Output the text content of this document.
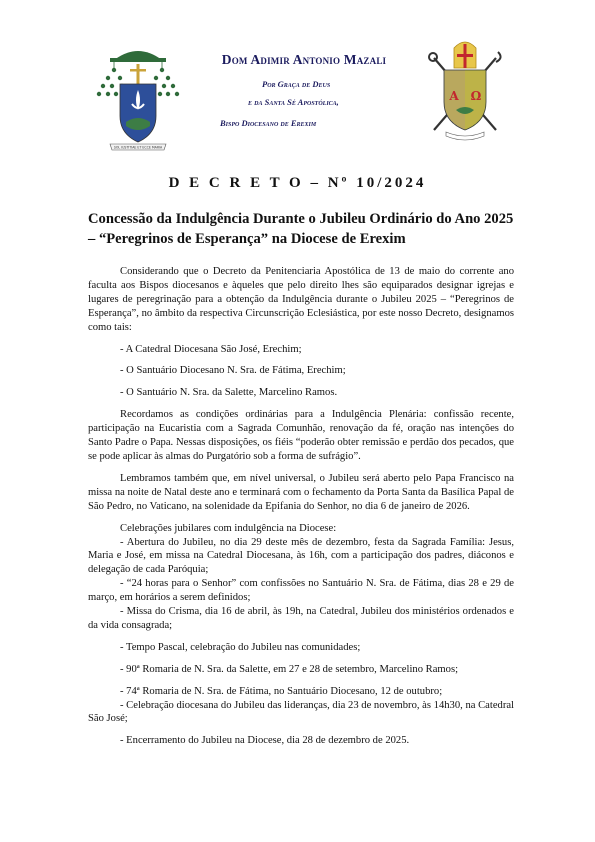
SOL IUSTITIAE ET ECCE MARIA
A Ω
Dom Adimir Antonio Mazali
Por Graça de Deus
e da Santa Sé Apostólica,
Bispo Diocesano de Erexim
D E C R E T O – Nº 10/2024
Concessão da Indulgência Durante o Jubileu Ordinário do Ano 2025 – “Peregrinos de Esperança” na Diocese de Erexim

Considerando que o Decreto da Penitenciaria Apostólica de 13 de maio do corrente ano faculta aos Bispos diocesanos e àqueles que pelo direito lhes são equiparados designar igrejas e lugares de peregrinação para a obtenção da Indulgência durante o Jubileu 2025 – “Peregrinos de Esperança”, no âmbito da respectiva Circunscrição Eclesiástica, por este nosso Decreto, designamos como tais:

- A Catedral Diocesana São José, Erechim;

- O Santuário Diocesano N. Sra. de Fátima, Erechim;

- O Santuário N. Sra. da Salette, Marcelino Ramos.

Recordamos as condições ordinárias para a Indulgência Plenária: confissão recente, participação na Eucaristia com a Sagrada Comunhão, renovação da fé, oração nas intenções do Santo Padre o Papa. Nessas disposições, os fiéis “poderão obter remissão e perdão dos pecados, que se pode aplicar às almas do Purgatório sob a forma de sufrágio”.

Lembramos também que, em nível universal, o Jubileu será aberto pelo Papa Francisco na missa na noite de Natal deste ano e terminará com o fechamento da Porta Santa da Basílica Papal de São Pedro, no Vaticano, na solenidade da Epifania do Senhor, no dia 6 de janeiro de 2026.

Celebrações jubilares com indulgência na Diocese:

- Abertura do Jubileu, no dia 29 deste mês de dezembro, festa da Sagrada Família: Jesus, Maria e José, em missa na Catedral Diocesana, às 16h, com a participação dos padres, diáconos e delegação de cada Paróquia;

- “24 horas para o Senhor” com confissões no Santuário N. Sra. de Fátima, dias 28 e 29 de março, em horários a serem definidos;

- Missa do Crisma, dia 16 de abril, às 19h, na Catedral, Jubileu dos ministérios ordenados e da vida consagrada;

- Tempo Pascal, celebração do Jubileu nas comunidades;

- 90ª Romaria de N. Sra. da Salette, em 27 e 28 de setembro, Marcelino Ramos;

- 74ª Romaria de N. Sra. de Fátima, no Santuário Diocesano, 12 de outubro;

- Celebração diocesana do Jubileu das lideranças, dia 23 de novembro, às 14h30, na Catedral São José;

- Encerramento do Jubileu na Diocese, dia 28 de dezembro de 2025.
